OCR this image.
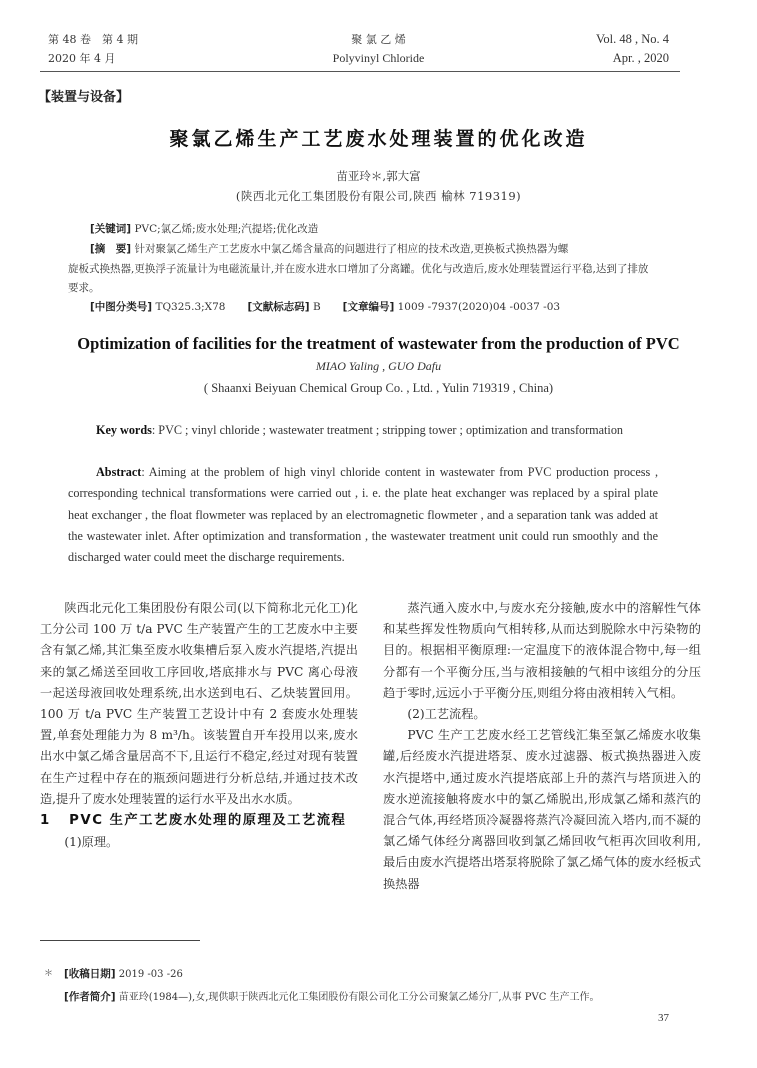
第 48 卷　第 4 期
2020 年 4 月
聚 氯 乙 烯
Polyvinyl Chloride
Vol. 48 , No. 4
Apr. , 2020
【装置与设备】
聚氯乙烯生产工艺废水处理装置的优化改造
苗亚玲＊,郭大富
(陕西北元化工集团股份有限公司,陕西 榆林 719319)
[关键词] PVC;氯乙烯;废水处理;汽提塔;优化改造
[摘　要] 针对聚氯乙烯生产工艺废水中氯乙烯含量高的问题进行了相应的技术改造,更换板式换热器为螺
旋板式换热器,更换浮子流量计为电磁流量计,并在废水进水口增加了分离罐。优化与改造后,废水处理装置运行平稳,达到了排放要求。
[中图分类号] TQ325.3;X78 [文献标志码] B [文章编号] 1009 -7937(2020)04 -0037 -03
Optimization of facilities for the treatment of wastewater from the production of PVC
MIAO Yaling , GUO Dafu
( Shaanxi Beiyuan Chemical Group Co. , Ltd. , Yulin 719319 , China)
Key words: PVC ; vinyl chloride ; wastewater treatment ; stripping tower ; optimization and transformation
Abstract: Aiming at the problem of high vinyl chloride content in wastewater from PVC production process , corresponding technical transformations were carried out , i. e. the plate heat exchanger was replaced by a spiral plate heat exchanger , the float flowmeter was replaced by an electromagnetic flowmeter , and a separation tank was added at the wastewater inlet. After optimization and transformation , the wastewater treatment unit could run smoothly and the discharged water could meet the discharge requirements.

陕西北元化工集团股份有限公司(以下简称北元化工)化工分公司 100 万 t/a PVC 生产装置产生的工艺废水中主要含有氯乙烯,其汇集至废水收集槽后泵入废水汽提塔,汽提出来的氯乙烯送至回收工序回收,塔底排水与 PVC 离心母液一起送母液回收处理系统,出水送到电石、乙炔装置回用。100 万 t/a PVC 生产装置工艺设计中有 2 套废水处理装置,单套处理能力为 8 m³/h。该装置自开车投用以来,废水出水中氯乙烯含量居高不下,且运行不稳定,经过对现有装置在生产过程中存在的瓶颈问题进行分析总结,并通过技术改造,提升了废水处理装置的运行水平及出水水质。

1 PVC 生产工艺废水处理的原理及工艺流程

(1)原理。

蒸汽通入废水中,与废水充分接触,废水中的溶解性气体和某些挥发性物质向气相转移,从而达到脱除水中污染物的目的。根据相平衡原理:一定温度下的液体混合物中,每一组分都有一个平衡分压,当与液相接触的气相中该组分的分压趋于零时,远远小于平衡分压,则组分将由液相转入气相。

(2)工艺流程。

PVC 生产工艺废水经工艺管线汇集至氯乙烯废水收集罐,后经废水汽提进塔泵、废水过滤器、板式换热器进入废水汽提塔中,通过废水汽提塔底部上升的蒸汽与塔顶进入的废水逆流接触将废水中的氯乙烯脱出,形成氯乙烯和蒸汽的混合气体,再经塔顶冷凝器将蒸汽冷凝回流入塔内,而不凝的氯乙烯气体经分离器回收到氯乙烯回收气柜再次回收利用,最后由废水汽提塔出塔泵将脱除了氯乙烯气体的废水经板式换热器

＊ [收稿日期] 2019 -03 -26
[作者简介] 苗亚玲(1984—),女,现供职于陕西北元化工集团股份有限公司化工分公司聚氯乙烯分厂,从事 PVC 生产工作。
37
